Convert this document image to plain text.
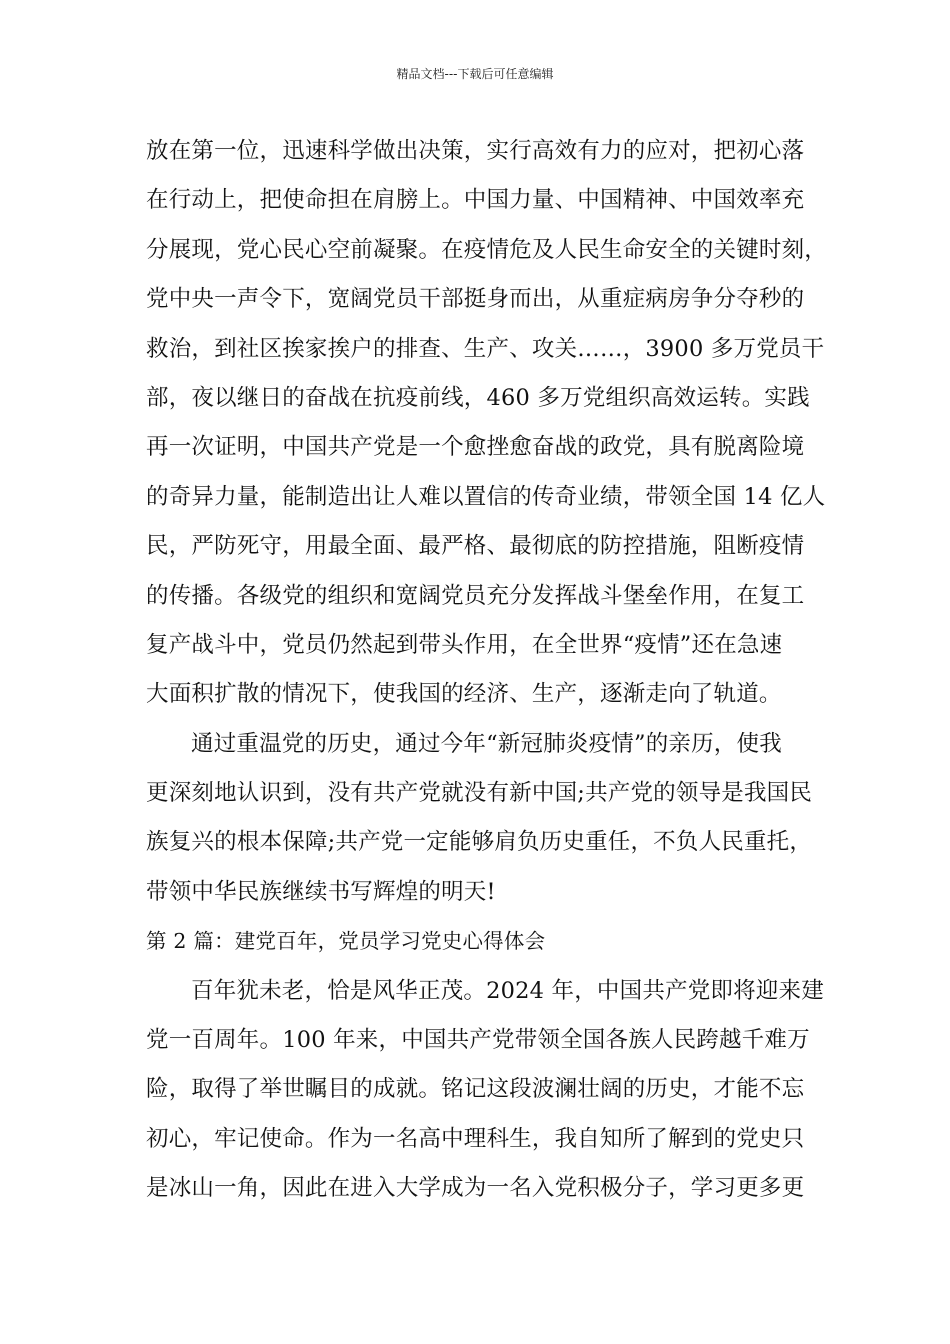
精品文档---下载后可任意编辑
放在第一位，迅速科学做出决策，实行高效有力的应对，把初心落
在行动上，把使命担在肩膀上。中国力量、中国精神、中国效率充
分展现，党心民心空前凝聚。在疫情危及人民生命安全的关键时刻，
党中央一声令下，宽阔党员干部挺身而出，从重症病房争分夺秒的
救治，到社区挨家挨户的排查、生产、攻关……，3900 多万党员干
部，夜以继日的奋战在抗疫前线，460 多万党组织高效运转。实践
再一次证明，中国共产党是一个愈挫愈奋战的政党，具有脱离险境
的奇异力量，能制造出让人难以置信的传奇业绩，带领全国 14 亿人
民，严防死守，用最全面、最严格、最彻底的防控措施，阻断疫情
的传播。各级党的组织和宽阔党员充分发挥战斗堡垒作用，在复工
复产战斗中，党员仍然起到带头作用，在全世界“疫情”还在急速
大面积扩散的情况下，使我国的经济、生产，逐渐走向了轨道。
通过重温党的历史，通过今年“新冠肺炎疫情”的亲历，使我
更深刻地认识到，没有共产党就没有新中国;共产党的领导是我国民
族复兴的根本保障;共产党一定能够肩负历史重任，不负人民重托，
带领中华民族继续书写辉煌的明天!
第 2 篇：建党百年，党员学习党史心得体会
百年犹未老，恰是风华正茂。2024 年，中国共产党即将迎来建
党一百周年。100 年来，中国共产党带领全国各族人民跨越千难万
险，取得了举世瞩目的成就。铭记这段波澜壮阔的历史，才能不忘
初心，牢记使命。作为一名高中理科生，我自知所了解到的党史只
是冰山一角，因此在进入大学成为一名入党积极分子，学习更多更
